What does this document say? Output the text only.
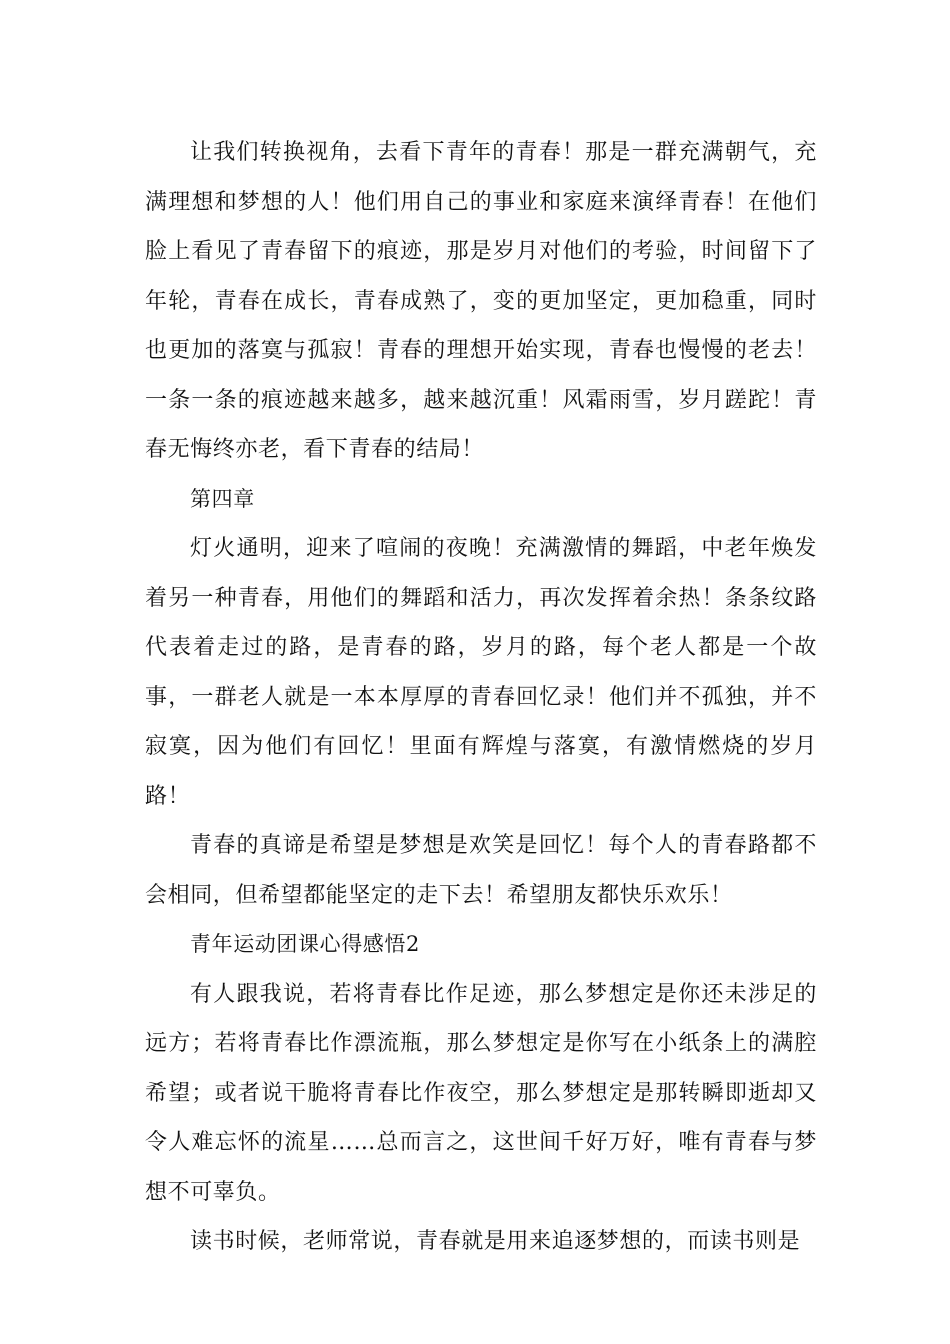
让我们转换视角，去看下青年的青春！那是一群充满朝气，充满理想和梦想的人！他们用自己的事业和家庭来演绎青春！在他们脸上看见了青春留下的痕迹，那是岁月对他们的考验，时间留下了年轮，青春在成长，青春成熟了，变的更加坚定，更加稳重，同时也更加的落寞与孤寂！青春的理想开始实现，青春也慢慢的老去！一条一条的痕迹越来越多，越来越沉重！风霜雨雪，岁月蹉跎！青春无悔终亦老，看下青春的结局！

第四章

灯火通明，迎来了喧闹的夜晚！充满激情的舞蹈，中老年焕发着另一种青春，用他们的舞蹈和活力，再次发挥着余热！条条纹路代表着走过的路，是青春的路，岁月的路，每个老人都是一个故事，一群老人就是一本本厚厚的青春回忆录！他们并不孤独，并不寂寞，因为他们有回忆！里面有辉煌与落寞，有激情燃烧的岁月路！

青春的真谛是希望是梦想是欢笑是回忆！每个人的青春路都不会相同，但希望都能坚定的走下去！希望朋友都快乐欢乐！

青年运动团课心得感悟2

有人跟我说，若将青春比作足迹，那么梦想定是你还未涉足的远方；若将青春比作漂流瓶，那么梦想定是你写在小纸条上的满腔希望；或者说干脆将青春比作夜空，那么梦想定是那转瞬即逝却又令人难忘怀的流星……总而言之，这世间千好万好，唯有青春与梦想不可辜负。

读书时候，老师常说，青春就是用来追逐梦想的，而读书则是
